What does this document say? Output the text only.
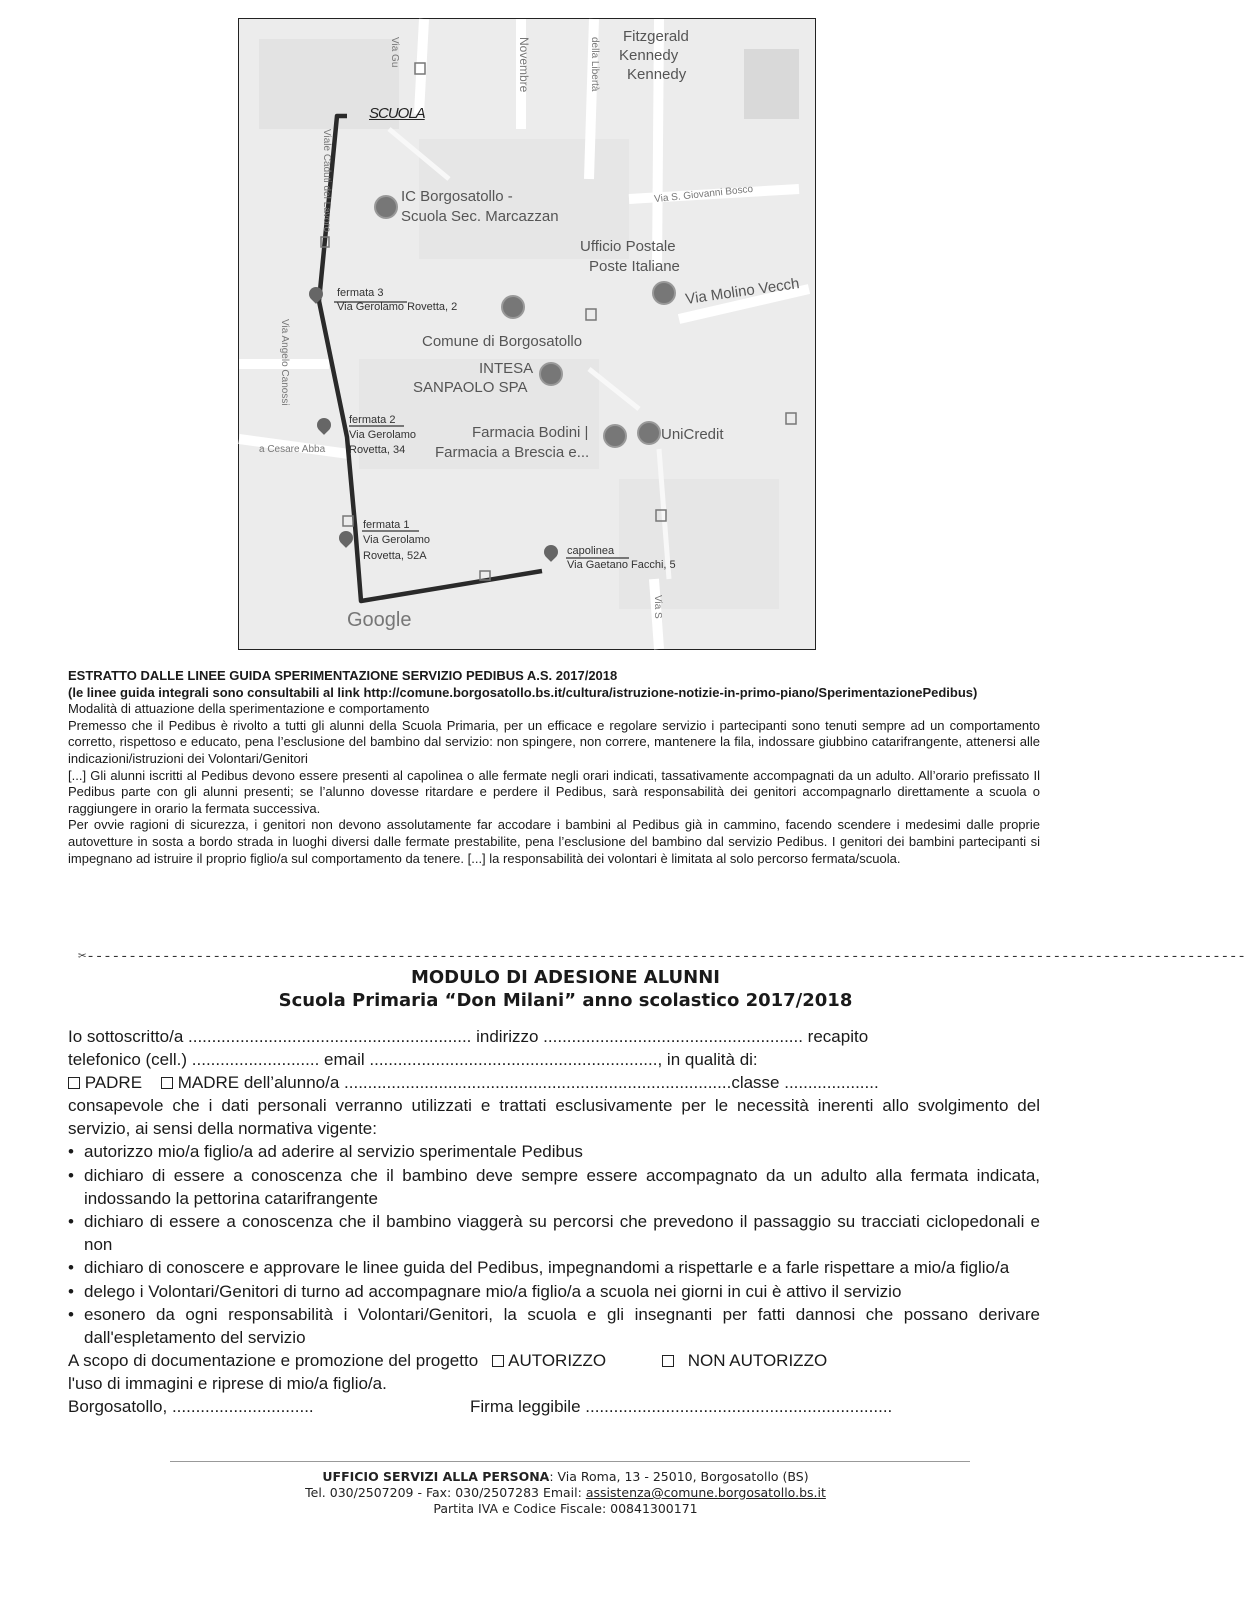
Fitzgerald
Kennedy
Kennedy
SCUOLA
Novembre	della Libertà
Via Gu
Viale Caduti del Lavoro	IC Borgosatollo -
Scuola Sec. Marcazzan
Via S. Giovanni Bosco
Ufficio Postale
Poste Italiane
Via Molino Vecch
fermata 3
Via Gerolamo Rovetta, 2
Comune di Borgosatollo
INTESA
SANPAOLO SPA
Via Angelo Canossi
fermata 2
Via Gerolamo
Rovetta, 34
a Cesare Abba
Farmacia Bodini |
Farmacia a Brescia e...
UniCredit
fermata 1
Via Gerolamo
Rovetta, 52A	capolinea
Via Gaetano Facchi, 5
Google
Via S

ESTRATTO DALLE LINEE GUIDA SPERIMENTAZIONE SERVIZIO PEDIBUS A.S. 2017/2018

(le linee guida integrali sono consultabili al link http://comune.borgosatollo.bs.it/cultura/istruzione-notizie-in-primo-piano/SperimentazionePedibus)

Modalità di attuazione della sperimentazione e comportamento

Premesso che il Pedibus è rivolto a tutti gli alunni della Scuola Primaria, per un efficace e regolare servizio i partecipanti sono tenuti sempre ad un comportamento corretto, rispettoso e educato, pena l’esclusione del bambino dal servizio: non spingere, non correre, mantenere la fila, indossare giubbino catarifrangente, attenersi alle indicazioni/istruzioni dei Volontari/Genitori

[...] Gli alunni iscritti al Pedibus devono essere presenti al capolinea o alle fermate negli orari indicati, tassativamente accompagnati da un adulto. All’orario prefissato Il Pedibus parte con gli alunni presenti; se l’alunno dovesse ritardare e perdere il Pedibus, sarà responsabilità dei genitori accompagnarlo direttamente a scuola o raggiungere in orario la fermata successiva.

Per ovvie ragioni di sicurezza, i genitori non devono assolutamente far accodare i bambini al Pedibus già in cammino, facendo scendere i medesimi dalle proprie autovetture in sosta a bordo strada in luoghi diversi dalle fermate prestabilite, pena l’esclusione del bambino dal servizio Pedibus. I genitori dei bambini partecipanti si impegnano ad istruire il proprio figlio/a sul comportamento da tenere. [...] la responsabilità dei volontari è limitata al solo percorso fermata/scuola.

✂------------------------------------------------------------------------------------------------------------------------------------------
MODULO DI ADESIONE ALUNNI
Scuola Primaria “Don Milani” anno scolastico 2017/2018
Io sottoscritto/a ............................................................ indirizzo ....................................................... recapito
telefonico (cell.) ........................... email ............................................................., in qualità di:
PADRE MADRE dell’alunno/a ..................................................................................classe ....................

consapevole che i dati personali verranno utilizzati e trattati esclusivamente per le necessità inerenti allo svolgimento del servizio, ai sensi della normativa vigente:

• autorizzo mio/a figlio/a ad aderire al servizio sperimentale Pedibus
• dichiaro di essere a conoscenza che il bambino deve sempre essere accompagnato da un adulto alla fermata indicata, indossando la pettorina catarifrangente
• dichiaro di essere a conoscenza che il bambino viaggerà su percorsi che prevedono il passaggio su tracciati ciclopedonali e non
• dichiaro di conoscere e approvare le linee guida del Pedibus, impegnandomi a rispettarle e a farle rispettare a mio/a figlio/a
• delego i Volontari/Genitori di turno ad accompagnare mio/a figlio/a a scuola nei giorni in cui è attivo il servizio
• esonero da ogni responsabilità i Volontari/Genitori, la scuola e gli insegnanti per fatti dannosi che possano derivare dall'espletamento del servizio
A scopo di documentazione e promozione del progetto AUTORIZZO	NON AUTORIZZO
l'uso di immagini e riprese di mio/a figlio/a.
Borgosatollo, ..............................	Firma leggibile .................................................................
UFFICIO SERVIZI ALLA PERSONA: Via Roma, 13 - 25010, Borgosatollo (BS)
Tel. 030/2507209 - Fax: 030/2507283 Email: assistenza@comune.borgosatollo.bs.it
Partita IVA e Codice Fiscale: 00841300171
